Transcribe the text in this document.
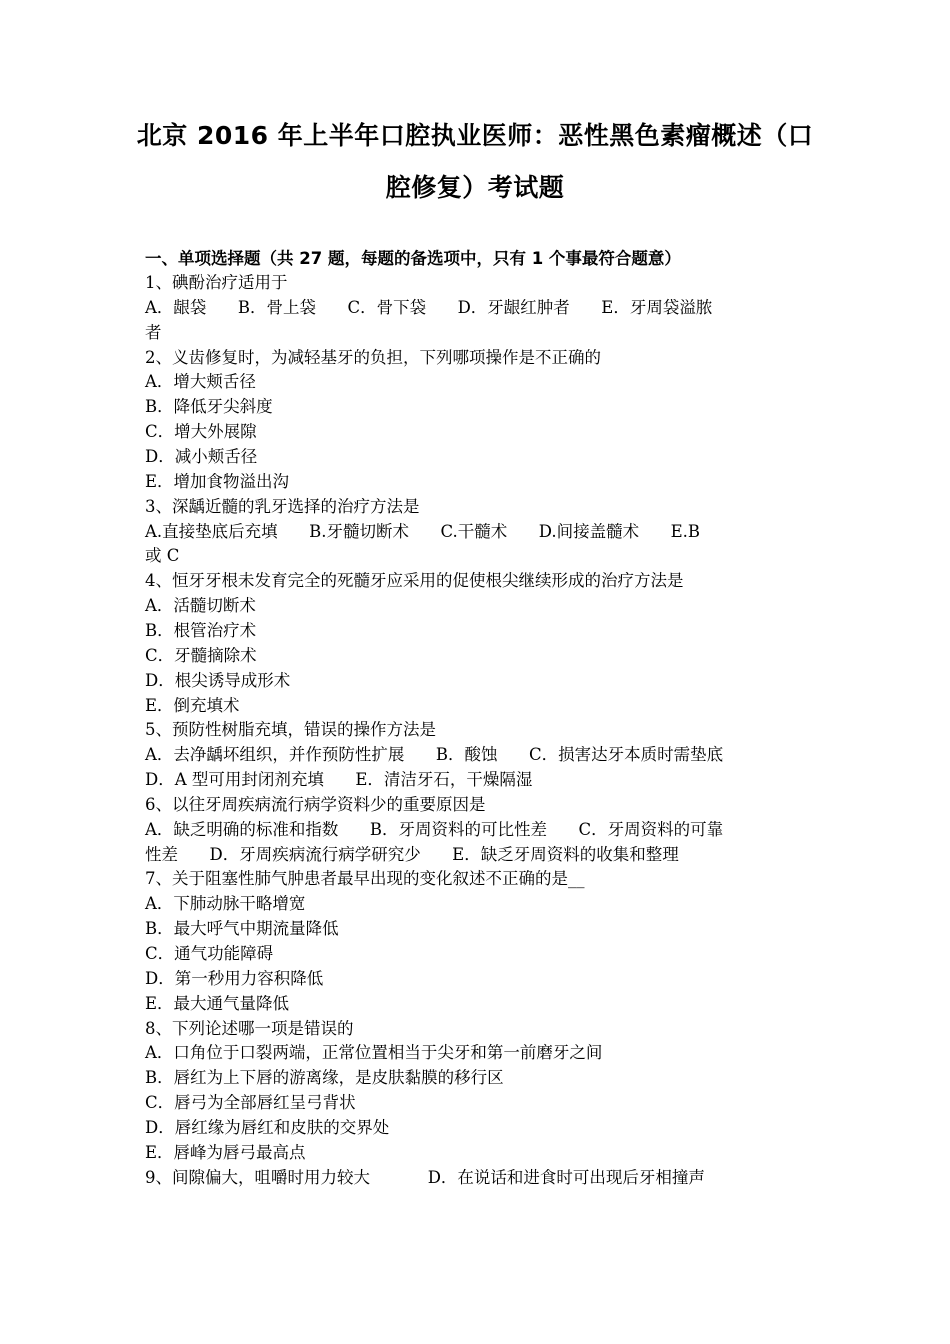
北京 2016 年上半年口腔执业医师：恶性黑色素瘤概述（口
腔修复）考试题
一、单项选择题（共 27 题，每题的备选项中，只有 1 个事最符合题意）
1、碘酚治疗适用于
A．龈袋      B．骨上袋      C．骨下袋      D．牙龈红肿者      E．牙周袋溢脓
者
2、义齿修复时，为减轻基牙的负担，下列哪项操作是不正确的
A．增大颊舌径
B．降低牙尖斜度
C．增大外展隙
D．减小颊舌径
E．增加食物溢出沟
3、深龋近髓的乳牙选择的治疗方法是
A.直接垫底后充填      B.牙髓切断术      C.干髓术      D.间接盖髓术      E.B
或 C
4、恒牙牙根未发育完全的死髓牙应采用的促使根尖继续形成的治疗方法是
A．活髓切断术
B．根管治疗术
C．牙髓摘除术
D．根尖诱导成形术
E．倒充填术
5、预防性树脂充填，错误的操作方法是
A．去净龋坏组织，并作预防性扩展      B．酸蚀      C．损害达牙本质时需垫底
D．A 型可用封闭剂充填      E．清洁牙石，干燥隔湿
6、以往牙周疾病流行病学资料少的重要原因是
A．缺乏明确的标准和指数      B．牙周资料的可比性差      C．牙周资料的可靠
性差      D．牙周疾病流行病学研究少      E．缺乏牙周资料的收集和整理
7、关于阻塞性肺气肿患者最早出现的变化叙述不正确的是__
A．下肺动脉干略增宽
B．最大呼气中期流量降低
C．通气功能障碍
D．第一秒用力容积降低
E．最大通气量降低
8、下列论述哪一项是错误的
A．口角位于口裂两端，正常位置相当于尖牙和第一前磨牙之间
B．唇红为上下唇的游离缘，是皮肤黏膜的移行区
C．唇弓为全部唇红呈弓背状
D．唇红缘为唇红和皮肤的交界处
E．唇峰为唇弓最高点
9、间隙偏大，咀嚼时用力较大           D．在说话和进食时可出现后牙相撞声
